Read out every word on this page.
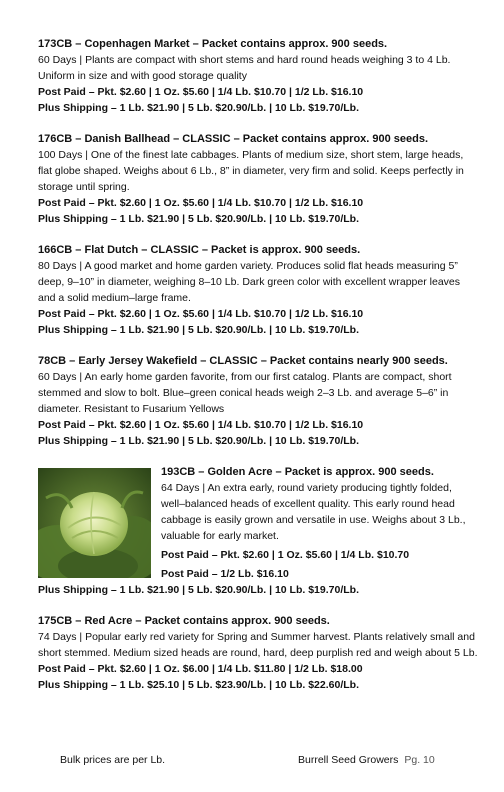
173CB – Copenhagen Market – Packet contains approx. 900 seeds.
60 Days | Plants are compact with short stems and hard round heads weighing 3 to 4 Lb. Uniform in size and with good storage quality
Post Paid – Pkt. $2.60 | 1 Oz. $5.60 | 1/4 Lb. $10.70 | 1/2 Lb. $16.10
Plus Shipping – 1 Lb. $21.90 | 5 Lb. $20.90/Lb. | 10 Lb. $19.70/Lb.
176CB – Danish Ballhead – CLASSIC – Packet contains approx. 900 seeds.
100 Days | One of the finest late cabbages. Plants of medium size, short stem, large heads, flat globe shaped. Weighs about 6 Lb., 8” in diameter, very firm and solid. Keeps perfectly in storage until spring.
Post Paid – Pkt. $2.60 | 1 Oz. $5.60 | 1/4 Lb. $10.70 | 1/2 Lb. $16.10
Plus Shipping – 1 Lb. $21.90 | 5 Lb. $20.90/Lb. | 10 Lb. $19.70/Lb.
166CB – Flat Dutch – CLASSIC – Packet is approx. 900 seeds.
80 Days | A good market and home garden variety. Produces solid flat heads measuring 5” deep, 9–10” in diameter, weighing 8–10 Lb. Dark green color with excellent wrapper leaves and a solid medium–large frame.
Post Paid – Pkt. $2.60 | 1 Oz. $5.60 | 1/4 Lb. $10.70 | 1/2 Lb. $16.10
Plus Shipping – 1 Lb. $21.90 | 5 Lb. $20.90/Lb. | 10 Lb. $19.70/Lb.
78CB – Early Jersey Wakefield – CLASSIC – Packet contains nearly 900 seeds.
60 Days | An early home garden favorite, from our first catalog. Plants are compact, short stemmed and slow to bolt. Blue–green conical heads weigh 2–3 Lb. and average 5–6” in diameter. Resistant to Fusarium Yellows
Post Paid – Pkt. $2.60 | 1 Oz. $5.60 | 1/4 Lb. $10.70 | 1/2 Lb. $16.10
Plus Shipping – 1 Lb. $21.90 | 5 Lb. $20.90/Lb. | 10 Lb. $19.70/Lb.
193CB – Golden Acre – Packet is approx. 900 seeds.
64 Days | An extra early, round variety producing tightly folded, well–balanced heads of excellent quality. This early round head cabbage is easily grown and versatile in use. Weighs about 3 Lb., valuable for early market.
Post Paid – Pkt. $2.60 | 1 Oz. $5.60 | 1/4 Lb. $10.70
Post Paid – 1/2 Lb. $16.10
Plus Shipping – 1 Lb. $21.90 | 5 Lb. $20.90/Lb. | 10 Lb. $19.70/Lb.
175CB – Red Acre – Packet contains approx. 900 seeds.
74 Days | Popular early red variety for Spring and Summer harvest. Plants relatively small and short stemmed. Medium sized heads are round, hard, deep purplish red and weigh about 5 Lb.
Post Paid – Pkt. $2.60 | 1 Oz. $6.00 | 1/4 Lb. $11.80 | 1/2 Lb. $18.00
Plus Shipping – 1 Lb. $25.10 | 5 Lb. $23.90/Lb. | 10 Lb. $22.60/Lb.
Bulk prices are per Lb.	Burrell Seed Growers Pg. 10
